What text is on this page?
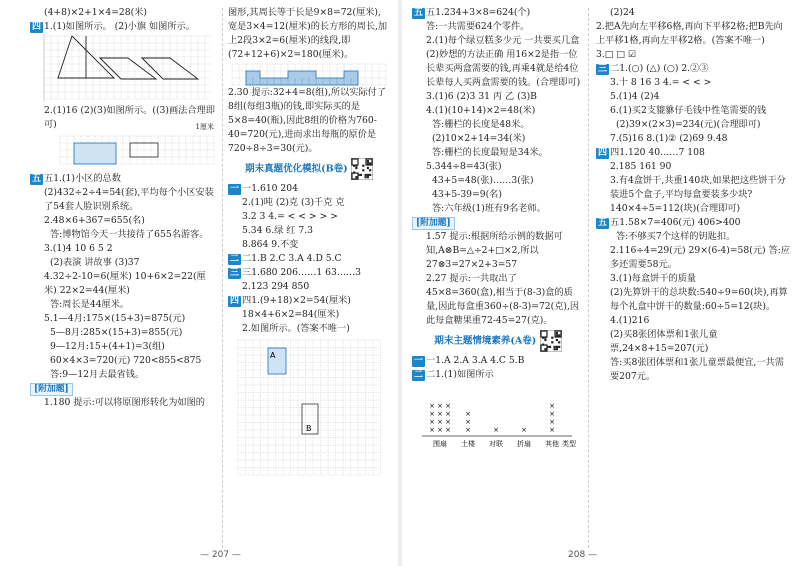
(4+8)×2+1×4=28(米)
四 1.(1)如图所示。 (2)小旗 如图所示。
2.(1)16 (2)(3)如图所示。((3)画法合理即可)	1厘米
五 五1.(1)小区的总数
(2)432÷2÷4=54(套),平均每个小区安装了54套人脸识别系统。
2.48×6+367=655(名)
答:博物馆今天一共接待了655名游客。
3.(1)4 10 6 5 2
(2)表演 讲故事 (3)37
4.32÷2-10=6(厘米) 10+6×2=22(厘米) 22×2=44(厘米)
答:周长是44厘米。
5.1—4月:175×(15+3)=875(元)
5—8月:285×(15+3)=855(元)
9—12月:15+(4+1)=3(组)
60×4×3=720(元) 720<855<875
答:9—12月去最省钱。
[附加题]
1.180 提示:可以将原图形转化为如图的
图形,其周长等于长是9×8=72(厘米),宽是3×4=12(厘米)的长方形的周长,加上2段3×2=6(厘米)的线段,即(72+12+6)×2=180(厘米)。
2.30 提示:32+4=8(组),所以实际付了8组(每组3瓶)的钱,即实际买的是5×8=40(瓶),因此8组的价格为760-40=720(元),进而求出每瓶的原价是720÷8÷3=30(元)。
期末真题优化模拟(B卷)
一 一1.610 204
2.(1)吨 (2)克 (3)千克 克
3.2 3 4.= < < > > >
5.34 6.绿 红 7.3
8.864 9.不变
二 二1.B 2.C 3.A 4.D 5.C
三 三1.680 206……1 63……3
2.123 294 850
四 四1.(9+18)×2=54(厘米)
18×4+6×2=84(厘米)
2.如图所示。(答案不唯一)
A
B
— 207 —
五 五1.234+3×8=624(个)
答:一共需要624个零件。
2.(1)每个绿豆糕多少元 一共要买几盒
(2)妙想的方法正确 用16×2是指一位长辈买两盒需要的钱,再乘4就是给4位长辈每人买两盒需要的钱。(合理即可)
3.(1)6 (2)3 31 丙 乙 (3)B
4.(1)(10+14)×2=48(米)
答:栅栏的长度是48米。
(2)10×2+14=34(米)
答:栅栏的长度最短是34米。
5.344÷8=43(张)
43+5=48(张)……3(张)
43+5-39=9(名)
答:六年级(1)班有9名老师。
[附加题]
1.57 提示:根据所给示例的数据可知,A⊗B=△÷2+□×2,所以27⊗3=27×2+3=57
2.27 提示:一共取出了45×8=360(盒),相当于(8-3)盒的质量,因此每盒重360÷(8-3)=72(克),因此每盒糖果重72-45=27(克)。
期末主题情境素养(A卷)
一 一1.A 2.A 3.A 4.C 5.B
二 二1.(1)如图所示
围扇
× × ×
× × ×
× × ×
× × ×
土楼
×
×
×
对联
×
折扇
×
其他
×
×
×
×
类型
(2)24
2.把A先向左平移6格,再向下平移2格;把B先向上平移1格,再向左平移2格。(答案不唯一)
3.□ □ ☑
三 二1.(○) (△) (○) 2.②③
3.十 8 16 3 4.= < < >
5.(1)4 (2)4
6.(1)买2支貔貅仔毛钱中性笔需要的钱
(2)39×(2×3)=234(元)(合理即可)
7.(5)16 8.(1)② (2)69 9.48
四 四1.120 40……7 108
2.185 161 90
3.有4盒饼干,共重140块,如果把这些饼干分装进5个盒子,平均每盒要装多少块? 140×4÷5=112(块)(合理即可)
五 五1.58×7=406(元) 406>400
答:不够买7个这样的钥匙扣。
2.116÷4=29(元) 29×(6-4)=58(元) 答:应多还需要58元。
3.(1)每盒饼干的质量
(2)先算饼干的总块数:540÷9=60(块),再算每个礼盒中饼干的数量:60÷5=12(块)。
4.(1)216
(2)买8张团体票和1张儿童票,24×8+15=207(元)
答:买8张团体票和1张儿童票最便宜,一共需要207元。
208 —
